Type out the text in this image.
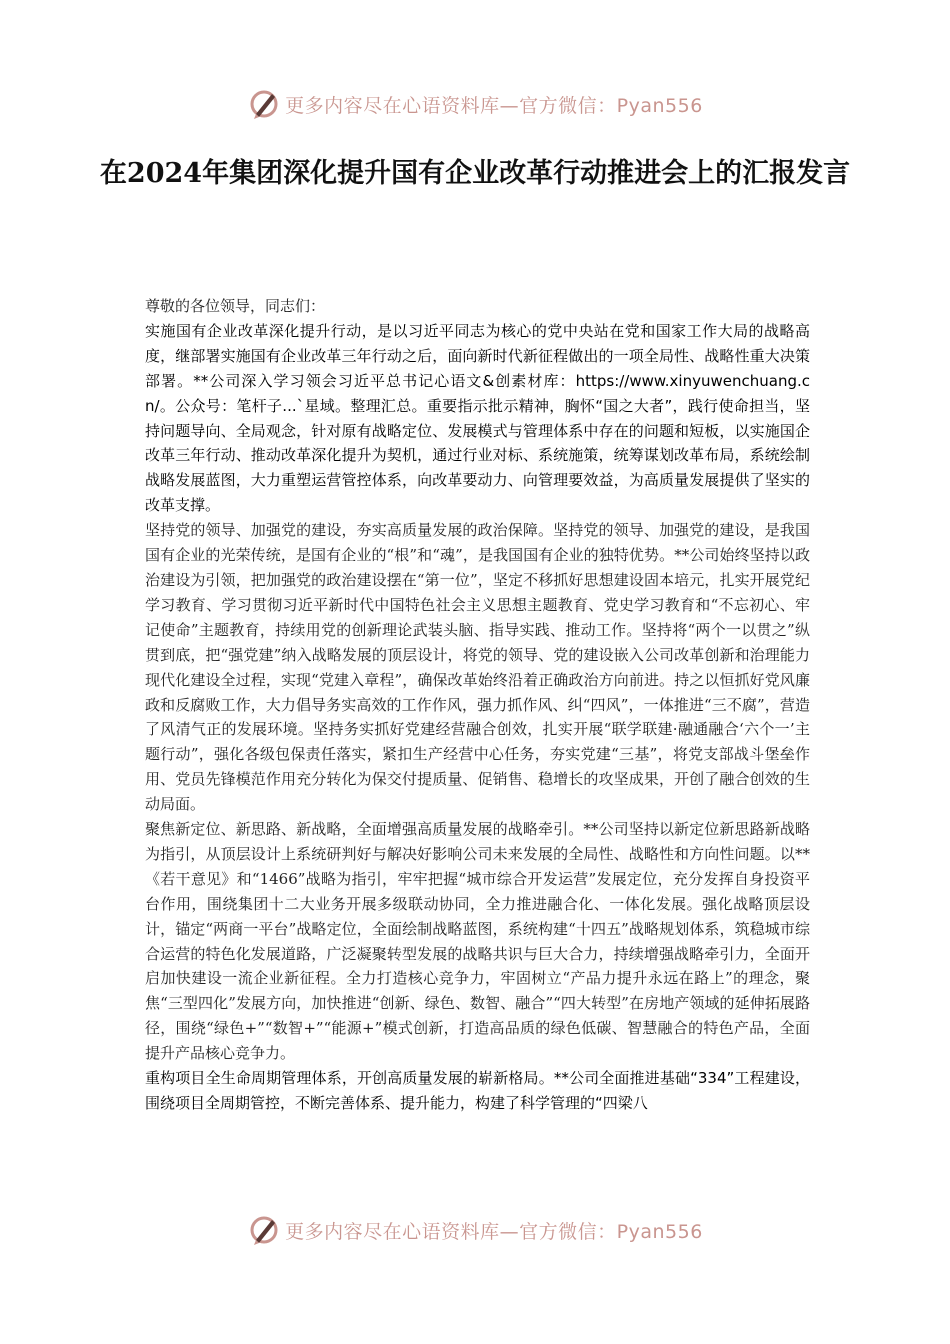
更多内容尽在心语资料库—官方微信：Pyan556
在2024年集团深化提升国有企业改革行动推进会上的汇报发言

尊敬的各位领导，同志们：

实施国有企业改革深化提升行动，是以习近平同志为核心的党中央站在党和国家工作大局的战略高度，继部署实施国有企业改革三年行动之后，面向新时代新征程做出的一项全局性、战略性重大决策部署。**公司深入学习领会习近平总书记心语文&创素材库：https://www.xinyuwenchuang.cn/。公众号：笔杆子...`星域。整理汇总。重要指示批示精神，胸怀“国之大者”，践行使命担当，坚持问题导向、全局观念，针对原有战略定位、发展模式与管理体系中存在的问题和短板，以实施国企改革三年行动、推动改革深化提升为契机，通过行业对标、系统施策，统筹谋划改革布局，系统绘制战略发展蓝图，大力重塑运营管控体系，向改革要动力、向管理要效益，为高质量发展提供了坚实的改革支撑。

坚持党的领导、加强党的建设，夯实高质量发展的政治保障。坚持党的领导、加强党的建设，是我国国有企业的光荣传统，是国有企业的“根”和“魂”，是我国国有企业的独特优势。**公司始终坚持以政治建设为引领，把加强党的政治建设摆在“第一位”，坚定不移抓好思想建设固本培元，扎实开展党纪学习教育、学习贯彻习近平新时代中国特色社会主义思想主题教育、党史学习教育和“不忘初心、牢记使命”主题教育，持续用党的创新理论武装头脑、指导实践、推动工作。坚持将“两个一以贯之”纵贯到底，把“强党建”纳入战略发展的顶层设计，将党的领导、党的建设嵌入公司改革创新和治理能力现代化建设全过程，实现“党建入章程”，确保改革始终沿着正确政治方向前进。持之以恒抓好党风廉政和反腐败工作，大力倡导务实高效的工作作风，强力抓作风、纠“四风”，一体推进“三不腐”，营造了风清气正的发展环境。坚持务实抓好党建经营融合创效，扎实开展“联学联建·融通融合‘六个一’主题行动”，强化各级包保责任落实，紧扣生产经营中心任务，夯实党建“三基”，将党支部战斗堡垒作用、党员先锋模范作用充分转化为保交付提质量、促销售、稳增长的攻坚成果，开创了融合创效的生动局面。

聚焦新定位、新思路、新战略，全面增强高质量发展的战略牵引。**公司坚持以新定位新思路新战略为指引，从顶层设计上系统研判好与解决好影响公司未来发展的全局性、战略性和方向性问题。以**《若干意见》和“1466”战略为指引，牢牢把握“城市综合开发运营”发展定位，充分发挥自身投资平台作用，围绕集团十二大业务开展多级联动协同，全力推进融合化、一体化发展。强化战略顶层设计，锚定“两商一平台”战略定位，全面绘制战略蓝图，系统构建“十四五”战略规划体系，筑稳城市综合运营的特色化发展道路，广泛凝聚转型发展的战略共识与巨大合力，持续增强战略牵引力，全面开启加快建设一流企业新征程。全力打造核心竞争力，牢固树立“产品力提升永远在路上”的理念，聚焦“三型四化”发展方向，加快推进“创新、绿色、数智、融合”“四大转型”在房地产领域的延伸拓展路径，围绕“绿色+”“数智+”“能源+”模式创新，打造高品质的绿色低碳、智慧融合的特色产品，全面提升产品核心竞争力。

重构项目全生命周期管理体系，开创高质量发展的崭新格局。**公司全面推进基础“334”工程建设，围绕项目全周期管控，不断完善体系、提升能力，构建了科学管理的“四梁八

更多内容尽在心语资料库—官方微信：Pyan556
